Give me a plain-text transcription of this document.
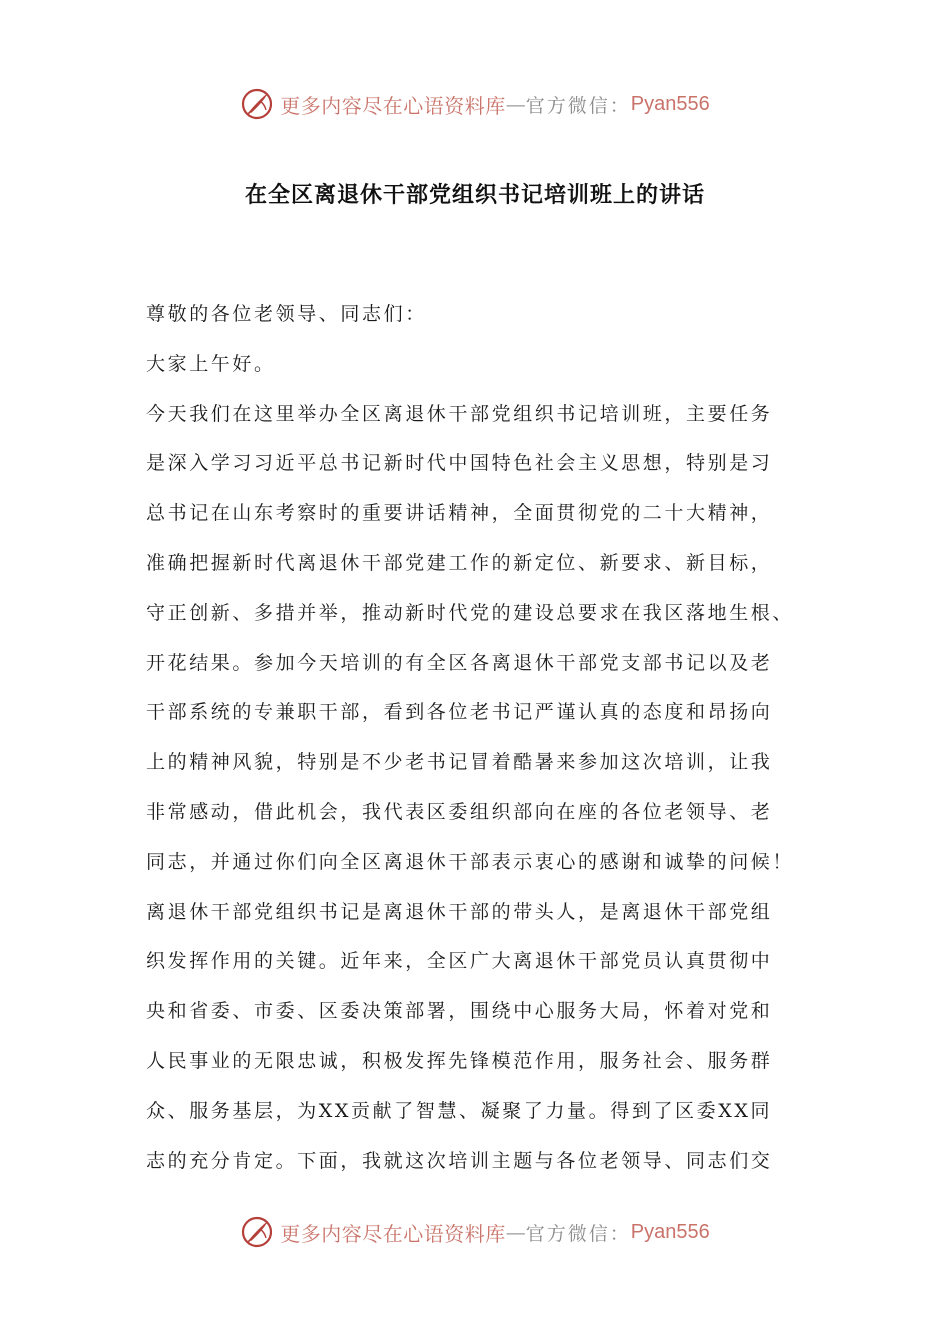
更多内容尽在心语资料库 — 官方微信： Pyan556
在全区离退休干部党组织书记培训班上的讲话
尊敬的各位老领导、同志们：
大家上午好。
今天我们在这里举办全区离退休干部党组织书记培训班，主要任务
是深入学习习近平总书记新时代中国特色社会主义思想，特别是习
总书记在山东考察时的重要讲话精神，全面贯彻党的二十大精神，
准确把握新时代离退休干部党建工作的新定位、新要求、新目标，
守正创新、多措并举，推动新时代党的建设总要求在我区落地生根、
开花结果。参加今天培训的有全区各离退休干部党支部书记以及老
干部系统的专兼职干部，看到各位老书记严谨认真的态度和昂扬向
上的精神风貌，特别是不少老书记冒着酷暑来参加这次培训，让我
非常感动，借此机会，我代表区委组织部向在座的各位老领导、老
同志，并通过你们向全区离退休干部表示衷心的感谢和诚挚的问候！
离退休干部党组织书记是离退休干部的带头人，是离退休干部党组
织发挥作用的关键。近年来，全区广大离退休干部党员认真贯彻中
央和省委、市委、区委决策部署，围绕中心服务大局，怀着对党和
人民事业的无限忠诚，积极发挥先锋模范作用，服务社会、服务群
众、服务基层，为XX贡献了智慧、凝聚了力量。得到了区委XX同
志的充分肯定。下面，我就这次培训主题与各位老领导、同志们交
更多内容尽在心语资料库 — 官方微信： Pyan556
